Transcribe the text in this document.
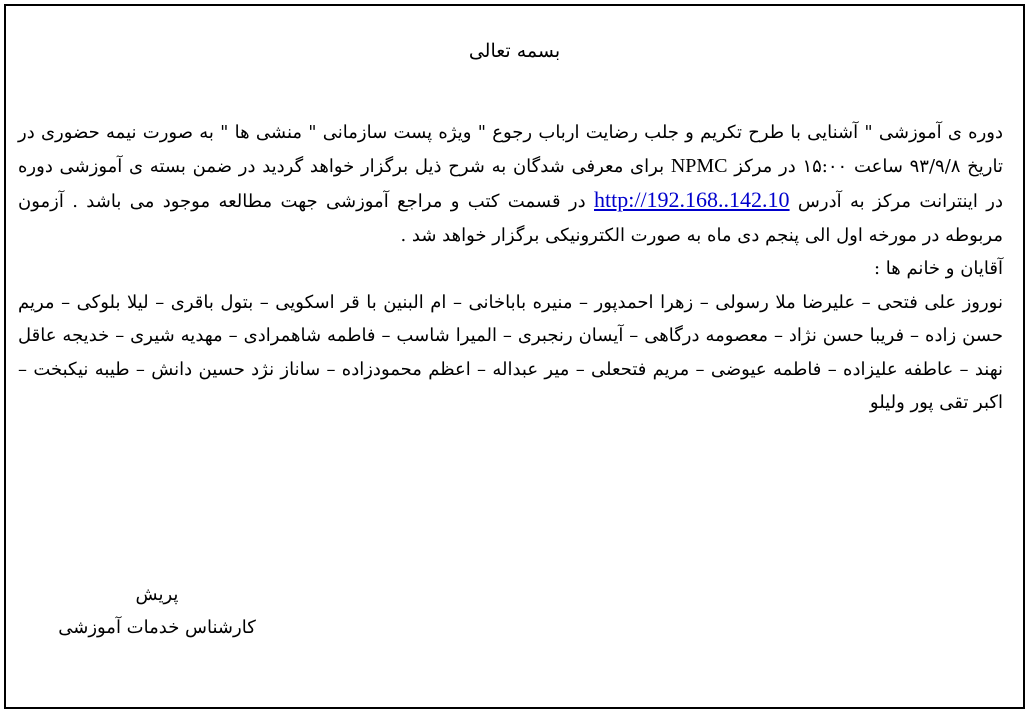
بسمه تعالی

دوره ی آموزشی " آشنایی با طرح تکریم و جلب رضایت ارباب رجوع " ویژه پست سازمانی " منشی ها " به صورت نیمه حضوری در تاریخ ۹۳/۹/۸ ساعت ۱۵:۰۰ در مرکز NPMC برای معرفی شدگان به شرح ذیل برگزار خواهد گردید در ضمن بسته ی آموزشی دوره در اینترانت مرکز به آدرس http://192.168..142.10 در قسمت کتب و مراجع آموزشی جهت مطالعه موجود می باشد . آزمون مربوطه در مورخه اول الی پنجم دی ماه به صورت الکترونیکی برگزار خواهد شد .

آقایان و خانم ها :

نوروز علی فتحی – علیرضا ملا رسولی – زهرا احمدپور – منیره باباخانی – ام البنین با قر اسکویی – بتول باقری – لیلا بلوکی – مریم حسن زاده – فریبا حسن نژاد – معصومه درگاهی – آیسان رنجبری – المیرا شاسب – فاطمه شاهمرادی – مهدیه شیری – خدیجه عاقل نهند – عاطفه علیزاده – فاطمه عیوضی – مریم فتحعلی – میر عبداله – اعظم محمودزاده – ساناز نژد حسین دانش – طیبه نیکبخت – اکبر تقی پور ولیلو

پریش
کارشناس خدمات آموزشی
